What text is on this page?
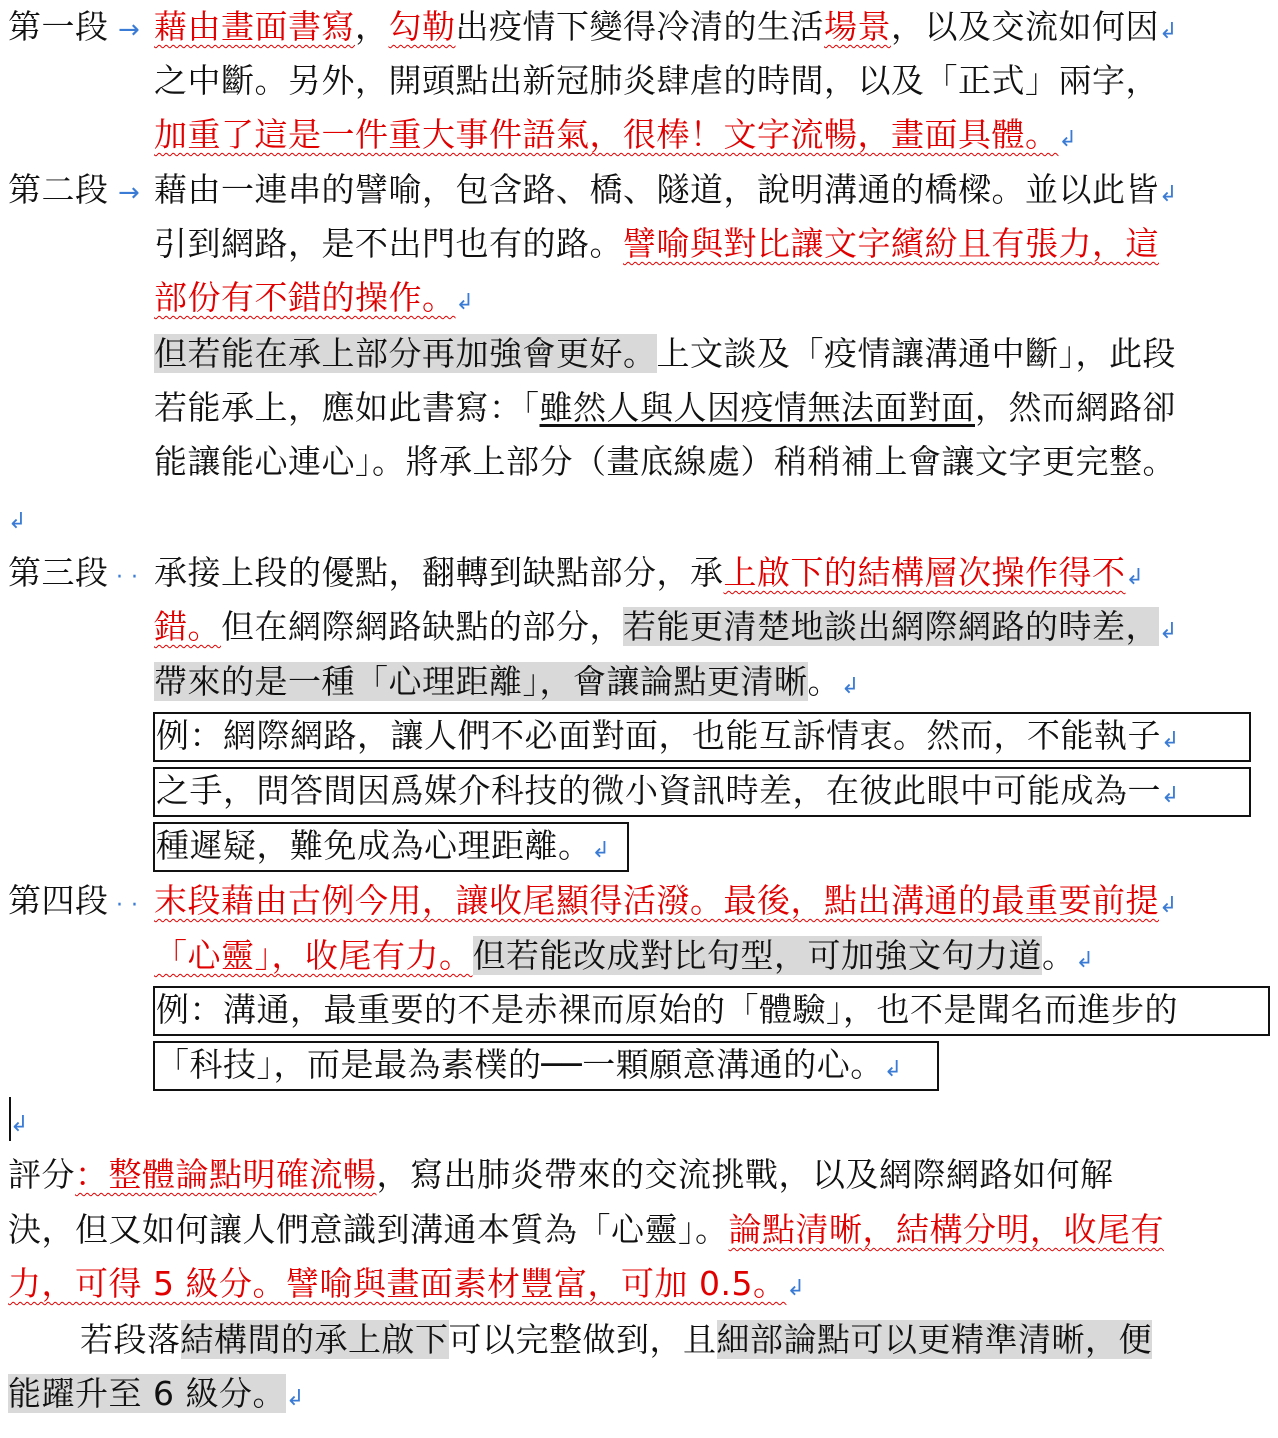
第一段 → 藉由畫面書寫，勾勒出疫情下變得冷清的生活場景，以及交流如何因↲
之中斷。另外，開頭點出新冠肺炎肆虐的時間，以及「正式」兩字，
加重了這是一件重大事件語氣，很棒！文字流暢，畫面具體。↲
第二段 → 藉由一連串的譬喻，包含路、橋、隧道，說明溝通的橋樑。並以此皆↲
引到網路，是不出門也有的路。譬喻與對比讓文字繽紛且有張力，這
部份有不錯的操作。↲
但若能在承上部分再加強會更好。上文談及「疫情讓溝通中斷」，此段
若能承上，應如此書寫：「雖然人與人因疫情無法面對面，然而網路卻
能讓能心連心」。將承上部分（畫底線處）稍稍補上會讓文字更完整。
↲
第三段 · · 承接上段的優點，翻轉到缺點部分，承上啟下的結構層次操作得不↲
錯。但在網際網路缺點的部分，若能更清楚地談出網際網路的時差，↲
帶來的是一種「心理距離」，會讓論點更清晰。↲
例：網際網路，讓人們不必面對面，也能互訴情衷。然而，不能執子↲
之手，問答間因爲媒介科技的微小資訊時差，在彼此眼中可能成為一↲
種遲疑，難免成為心理距離。↲
第四段 · · 末段藉由古例今用，讓收尾顯得活潑。最後，點出溝通的最重要前提↲
「心靈」，收尾有力。但若能改成對比句型，可加強文句力道。↲
例：溝通，最重要的不是赤裸而原始的「體驗」，也不是聞名而進步的
「科技」，而是最為素樸的──一顆願意溝通的心。↲
↲
評分：整體論點明確流暢，寫出肺炎帶來的交流挑戰，以及網際網路如何解
決，但又如何讓人們意識到溝通本質為「心靈」。論點清晰，結構分明，收尾有
力，可得 5 級分。譬喻與畫面素材豐富，可加 0.5。↲
若段落結構間的承上啟下可以完整做到，且細部論點可以更精準清晰，便
能躍升至 6 級分。↲
